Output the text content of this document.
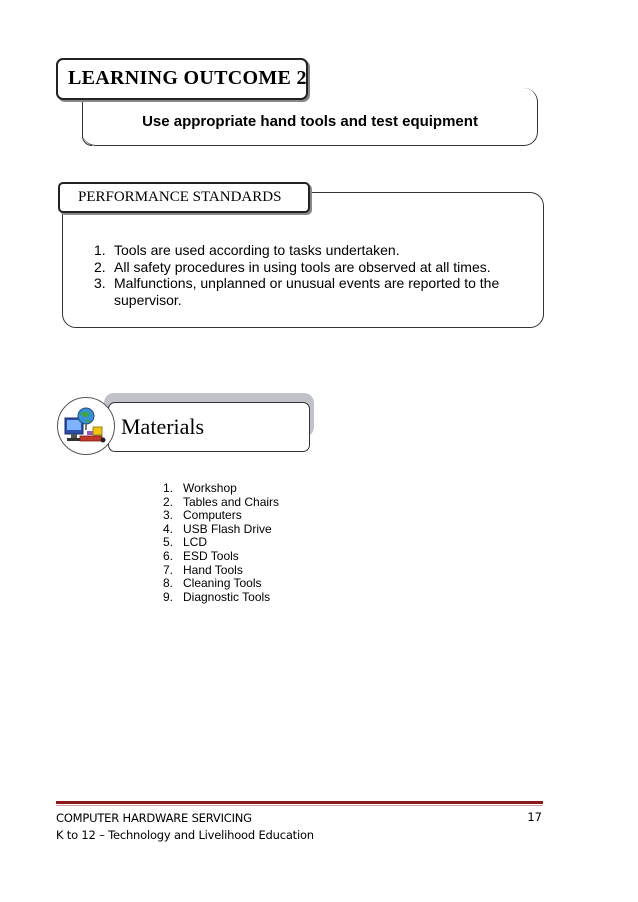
Use appropriate hand tools and test equipment
LEARNING OUTCOME 2
PERFORMANCE STANDARDS
1. Tools are used according to tasks undertaken.
2. All safety procedures in using tools are observed at all times.
3. Malfunctions, unplanned or unusual events are reported to the supervisor.
Materials
1. Workshop
2. Tables and Chairs
3. Computers
4. USB Flash Drive
5. LCD
6. ESD Tools
7. Hand Tools
8. Cleaning Tools
9. Diagnostic Tools
COMPUTER HARDWARE SERVICING
K to 12 – Technology and Livelihood Education
17
